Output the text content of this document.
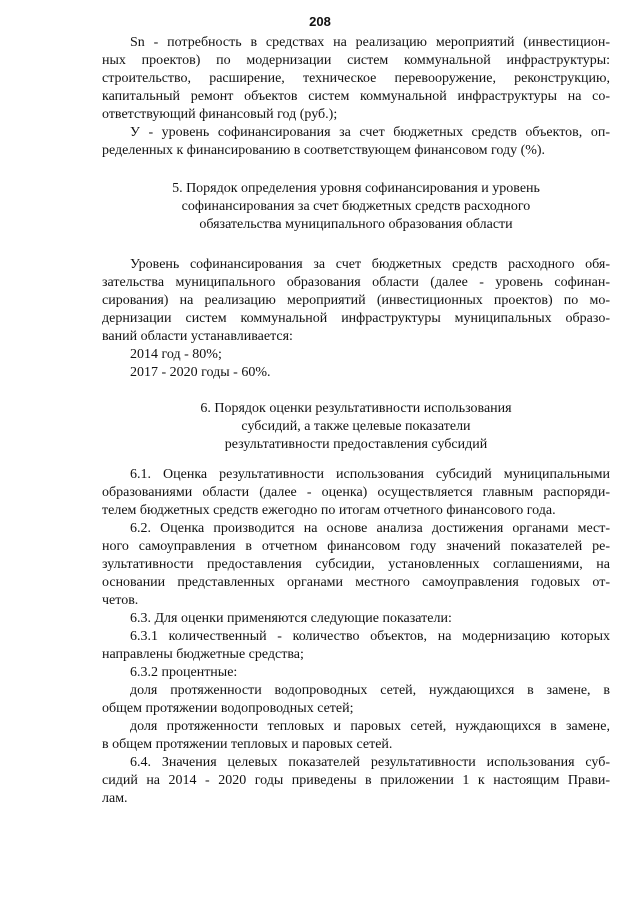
208
Sn - потребность в средствах на реализацию мероприятий (инвестицион-
ных проектов) по модернизации систем коммунальной инфраструктуры:
строительство, расширение, техническое перевооружение, реконструкцию,
капитальный ремонт объектов систем коммунальной инфраструктуры на со-
ответствующий финансовый год (руб.);
У - уровень софинансирования за счет бюджетных средств объектов, оп-
ределенных к финансированию в соответствующем финансовом году (%).
5. Порядок определения уровня софинансирования и уровень
софинансирования за счет бюджетных средств расходного
обязательства муниципального образования области
Уровень софинансирования за счет бюджетных средств расходного обя-
зательства муниципального образования области (далее - уровень софинан-
сирования) на реализацию мероприятий (инвестиционных проектов) по мо-
дернизации систем коммунальной инфраструктуры муниципальных образо-
ваний области устанавливается:
2014 год - 80%;
2017 - 2020 годы - 60%.
6. Порядок оценки результативности использования
субсидий, а также целевые показатели
результативности предоставления субсидий
6.1. Оценка результативности использования субсидий муниципальными
образованиями области (далее - оценка) осуществляется главным распоряди-
телем бюджетных средств ежегодно по итогам отчетного финансового года.
6.2. Оценка производится на основе анализа достижения органами мест-
ного самоуправления в отчетном финансовом году значений показателей ре-
зультативности предоставления субсидии, установленных соглашениями, на
основании представленных органами местного самоуправления годовых от-
четов.
6.3. Для оценки применяются следующие показатели:
6.3.1 количественный - количество объектов, на модернизацию которых
направлены бюджетные средства;
6.3.2 процентные:
доля протяженности водопроводных сетей, нуждающихся в замене, в
общем протяжении водопроводных сетей;
доля протяженности тепловых и паровых сетей, нуждающихся в замене,
в общем протяжении тепловых и паровых сетей.
6.4. Значения целевых показателей результативности использования суб-
сидий на 2014 - 2020 годы приведены в приложении 1 к настоящим Прави-
лам.
